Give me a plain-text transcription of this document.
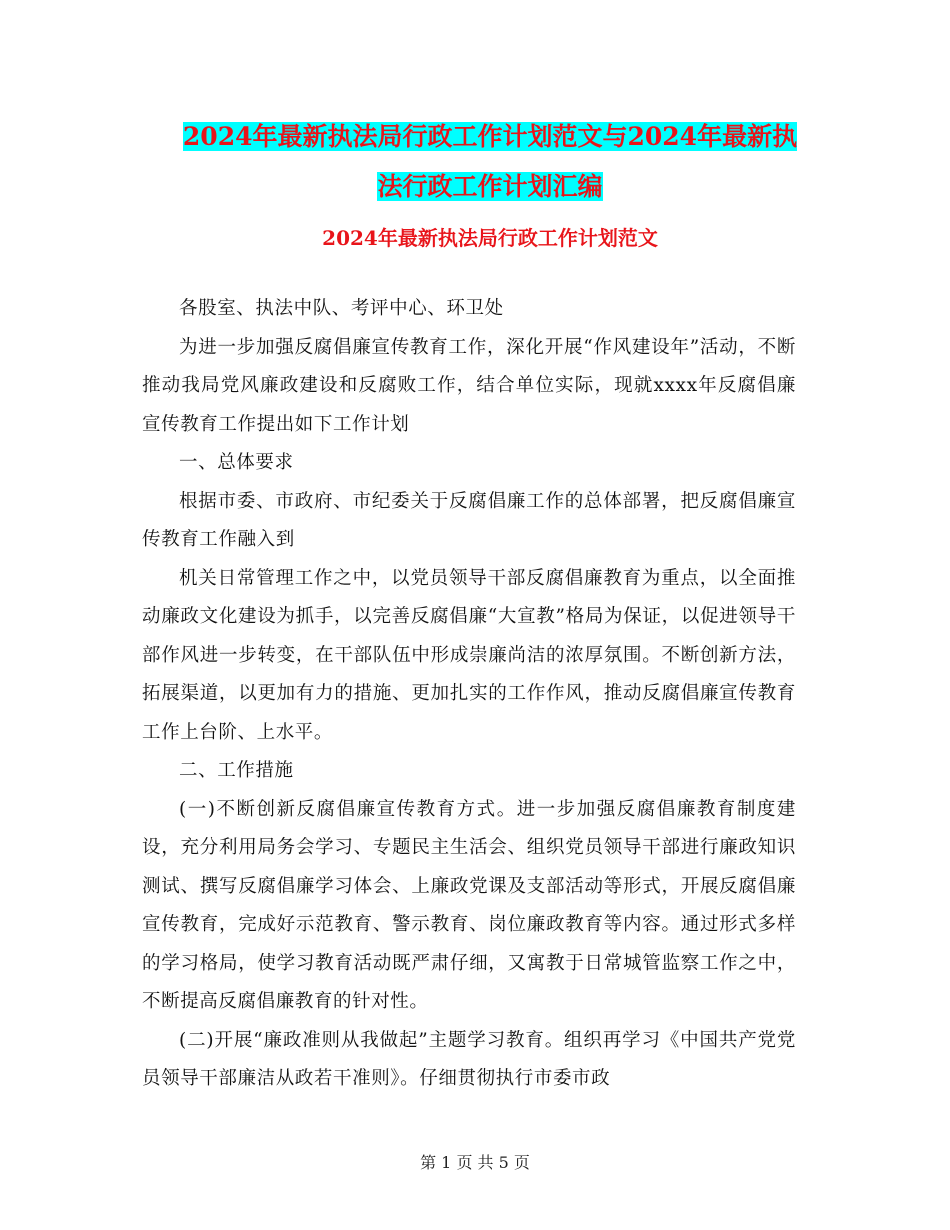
2024年最新执法局行政工作计划范文与2024年最新执
法行政工作计划汇编
2024年最新执法局行政工作计划范文

各股室、执法中队、考评中心、环卫处

为进一步加强反腐倡廉宣传教育工作，深化开展“作风建设年”活动，不断推动我局党风廉政建设和反腐败工作，结合单位实际，现就xxxx年反腐倡廉宣传教育工作提出如下工作计划

一、总体要求

根据市委、市政府、市纪委关于反腐倡廉工作的总体部署，把反腐倡廉宣传教育工作融入到

机关日常管理工作之中，以党员领导干部反腐倡廉教育为重点，以全面推动廉政文化建设为抓手，以完善反腐倡廉“大宣教”格局为保证，以促进领导干部作风进一步转变，在干部队伍中形成崇廉尚洁的浓厚氛围。不断创新方法，拓展渠道，以更加有力的措施、更加扎实的工作作风，推动反腐倡廉宣传教育工作上台阶、上水平。

二、工作措施

(一)不断创新反腐倡廉宣传教育方式。进一步加强反腐倡廉教育制度建设，充分利用局务会学习、专题民主生活会、组织党员领导干部进行廉政知识测试、撰写反腐倡廉学习体会、上廉政党课及支部活动等形式，开展反腐倡廉宣传教育，完成好示范教育、警示教育、岗位廉政教育等内容。通过形式多样的学习格局，使学习教育活动既严肃仔细，又寓教于日常城管监察工作之中，不断提高反腐倡廉教育的针对性。

(二)开展“廉政准则从我做起”主题学习教育。组织再学习《中国共产党党员领导干部廉洁从政若干准则》。仔细贯彻执行市委市政

第 1 页 共 5 页
